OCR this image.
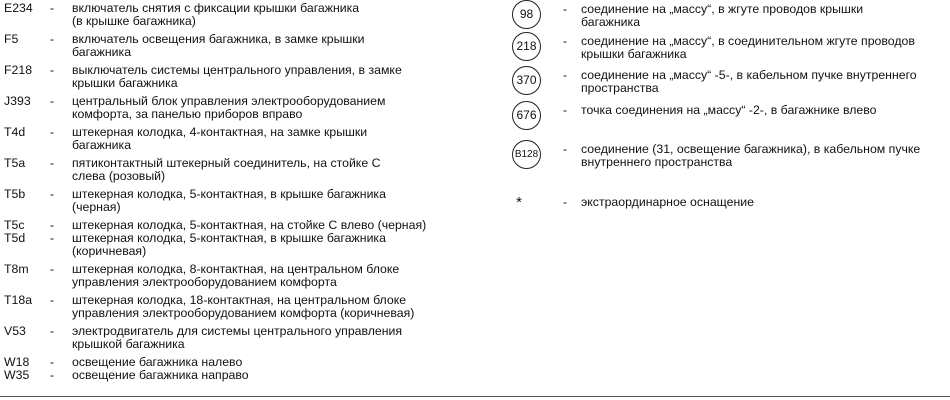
E234	-	включатель снятия с фиксации крышки багажника
(в крышке багажника)
F5	-	включатель освещения багажника, в замке крышки
багажника
F218	-	выключатель системы центрального управления, в замке
крышки багажника
J393	-	центральный блок управления электрооборудованием
комфорта, за панелью приборов вправо
T4d	-	штекерная колодка, 4-контактная, на замке крышки
багажника
T5a	-	пятиконтактный штекерный соединитель, на стойке C
слева (розовый)
T5b	-	штекерная колодка, 5-контактная, в крышке багажника
(черная)
T5c	-	штекерная колодка, 5-контактная, на стойке C влево (черная)
T5d	-	штекерная колодка, 5-контактная, в крышке багажника
(коричневая)
T8m	-	штекерная колодка, 8-контактная, на центральном блоке
управления электрооборудованием комфорта
T18a	-	штекерная колодка, 18-контактная, на центральном блоке
управления электрооборудованием комфорта (коричневая)
V53	-	электродвигатель для системы центрального управления
крышкой багажника
W18	-	освещение багажника налево
W35	-	освещение багажника направо
98	-	соединение на „массу“, в жгуте проводов крышки
багажника
218	-	соединение на „массу“, в соединительном жгуте проводов
крышки багажника
370	-	соединение на „массу“ -5-, в кабельном пучке внутреннего
пространства
676	-	точка соединения на „массу“ -2-, в багажнике влево
B128 -	соединение (31, освещение багажника), в кабельном пучке
внутреннего пространства
*	-	экстраординарное оснащение
